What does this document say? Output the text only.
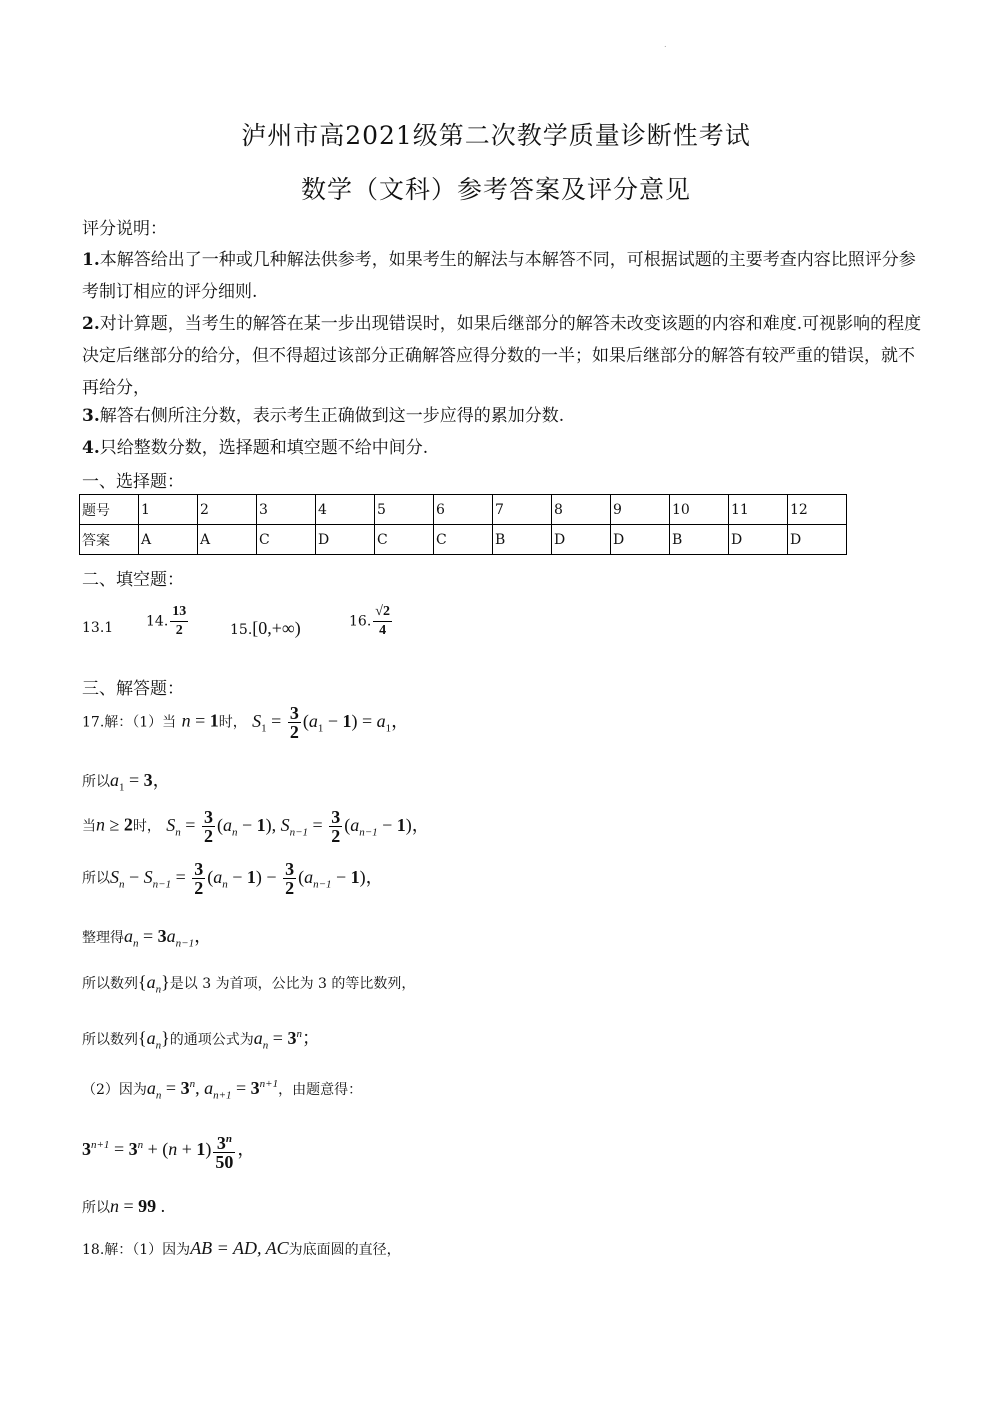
.
泸州市高2021级第二次教学质量诊断性考试
数学（文科）参考答案及评分意见
评分说明：
1.本解答给出了一种或几种解法供参考，如果考生的解法与本解答不同，可根据试题的主要考查内容比照评分参考制订相应的评分细则.
2.对计算题，当考生的解答在某一步出现错误时，如果后继部分的解答未改变该题的内容和难度.可视影响的程度决定后继部分的给分，但不得超过该部分正确解答应得分数的一半；如果后继部分的解答有较严重的错误，就不再给分，
3.解答右侧所注分数，表示考生正确做到这一步应得的累加分数.
4.只给整数分数，选择题和填空题不给中间分.
一、选择题：
题号	1	2	3	4	5	6	7	8	9	10	11	12
答案	A	A	C	D	C	C	B	D	D	B	D	D
二、填空题：
13.1 14. $\frac{13}{2}$	15.[0,+∞)	16. $\frac{√2}{4}$
三、解答题：
17.解：（1）当 n = 1时， $S_1 = \frac{3}{2} (a_1 - 1) = a_1$，
所以$a_1 = 3$，
当n ≥ 2时， $S_n = \frac{3}{2} (a_n - 1)$, $S_{n-1} = \frac{3}{2} (a_{n-1} - 1)$，
所以$S_n - S_{n-1} = \frac{3}{2} (a_n - 1) - \frac{3}{2} (a_{n-1} - 1)$，
整理得$a_n = 3a_{n-1}$，
所以数列$\{a_n\}$是以 3 为首项，公比为 3 的等比数列，
所以数列$\{a_n\}$的通项公式为$a_n = 3^n$；
（2）因为$a_n = 3^n$, $a_{n+1} = 3^{n+1}$，由题意得：
$3^{n+1} = 3^n + (n + 1) \frac{3^n}{50}$ ，
所以n = 99 .
18.解：（1）因为AB = AD, AC为底面圆的直径，
